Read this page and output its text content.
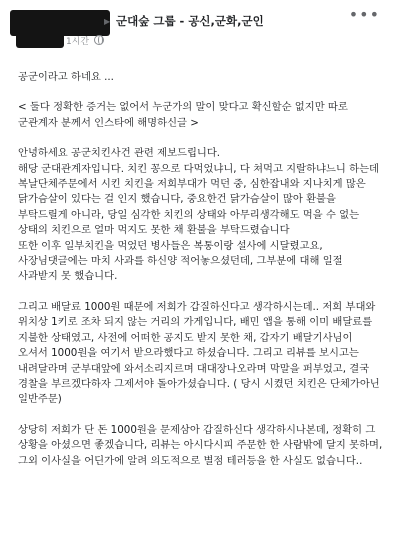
▶ 군대숲 그룹 - 공신,군화,군인
1시간
•••

공군이라고 하네요 ...

< 둘다 정확한 증거는 없어서 누군가의 말이 맞다고 확신할순 없지만 따로 군관계자 분께서 인스타에 해명하신글 >

안녕하세요 공군치킨사건 관련 제보드립니다.
해당 군대관계자입니다. 치킨 꽁으로 다먹었냐니, 다 쳐먹고 지랄하냐느니 하는데
복날단체주문에서 시킨 치킨을 저희부대가 먹던 중, 심한잡내와 지나치게 많은 닭가슴살이 있다는 걸 인지 했습니다, 중요한건 닭가슴살이 많아 환불을 부탁드릴게 아니라, 당일 심각한 치킨의 상태와 아무리생각해도 먹을 수 없는 상태의 치킨으로 얼마 먹지도 못한 채 환불을 부탁드렸습니다
또한 이후 일부치킨을 먹었던 병사들은 복통이랑 설사에 시달렸고요, 사장님댓글에는 마치 사과를 하신양 적어놓으셨던데, 그부분에 대해 일절 사과받지 못 했습니다.

그리고 배달료 1000원 때문에 저희가 갑질하신다고 생각하시는데.. 저희 부대와 위치상 1키로 조차 되지 않는 거리의 가게입니다, 배민 앱을 통해 이미 배달료를 지불한 상태였고, 사전에 어떠한 공지도 받지 못한 채, 갑자기 배달기사님이 오셔서 1000원을 여기서 받으라했다고 하셨습니다. 그리고 리뷰를 보시고는 내려달라며 군부대앞에 와서소리지르며 대대장나오라며 막말을 퍼부었고, 결국 경찰을 부르겠다하자 그제서야 돌아가셨습니다. ( 당시 시켰던 치킨은 단체가아닌 일반주문)

상당히 저희가 단 돈 1000원을 문제삼아 갑질하신다 생각하시나본데, 정확히 그 상황을 아셨으면 좋겠습니다, 리뷰는 아시다시피 주문한 한 사람밖에 달지 못하며, 그외 이사실을 어딘가에 알려 의도적으로 별점 테러등을 한 사실도 없습니다..
